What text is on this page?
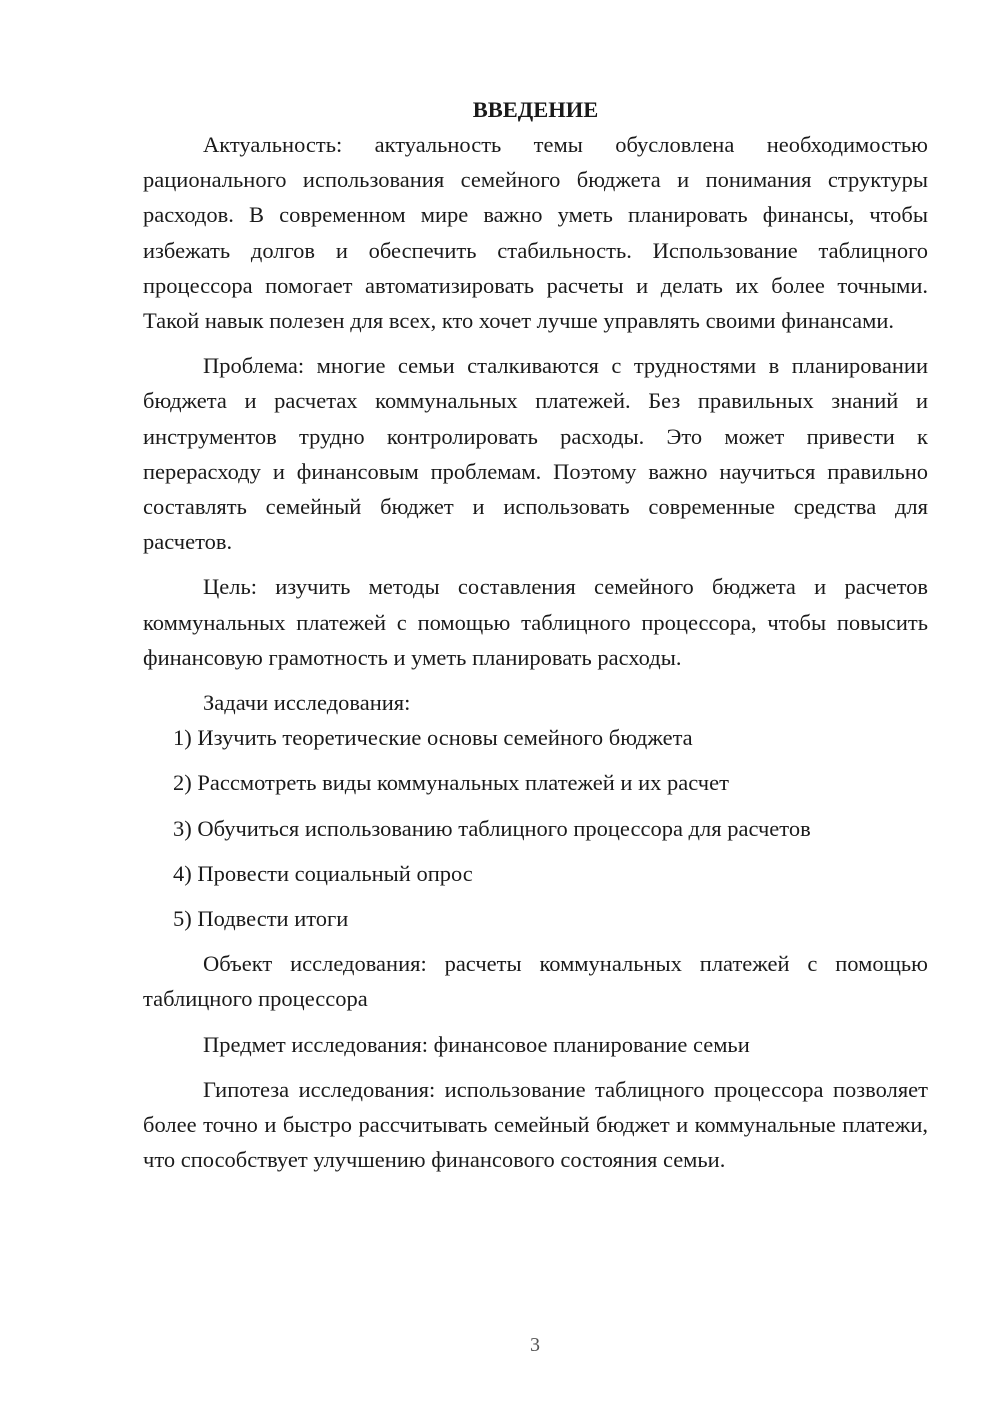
ВВЕДЕНИЕ

Актуальность: актуальность темы обусловлена необходимостью рационального использования семейного бюджета и понимания структуры расходов. В современном мире важно уметь планировать финансы, чтобы избежать долгов и обеспечить стабильность. Использование таблицного процессора помогает автоматизировать расчеты и делать их более точными. Такой навык полезен для всех, кто хочет лучше управлять своими финансами.

Проблема: многие семьи сталкиваются с трудностями в планировании бюджета и расчетах коммунальных платежей. Без правильных знаний и инструментов трудно контролировать расходы. Это может привести к перерасходу и финансовым проблемам. Поэтому важно научиться правильно составлять семейный бюджет и использовать современные средства для расчетов.

Цель: изучить методы составления семейного бюджета и расчетов коммунальных платежей с помощью таблицного процессора, чтобы повысить финансовую грамотность и уметь планировать расходы.

Задачи исследования:

1) Изучить теоретические основы семейного бюджета
2) Рассмотреть виды коммунальных платежей и их расчет
3) Обучиться использованию таблицного процессора для расчетов
4) Провести социальный опрос
5) Подвести итоги

Объект исследования: расчеты коммунальных платежей с помощью таблицного процессора

Предмет исследования: финансовое планирование семьи

Гипотеза исследования: использование таблицного процессора позволяет более точно и быстро рассчитывать семейный бюджет и коммунальные платежи, что способствует улучшению финансового состояния семьи.

3
